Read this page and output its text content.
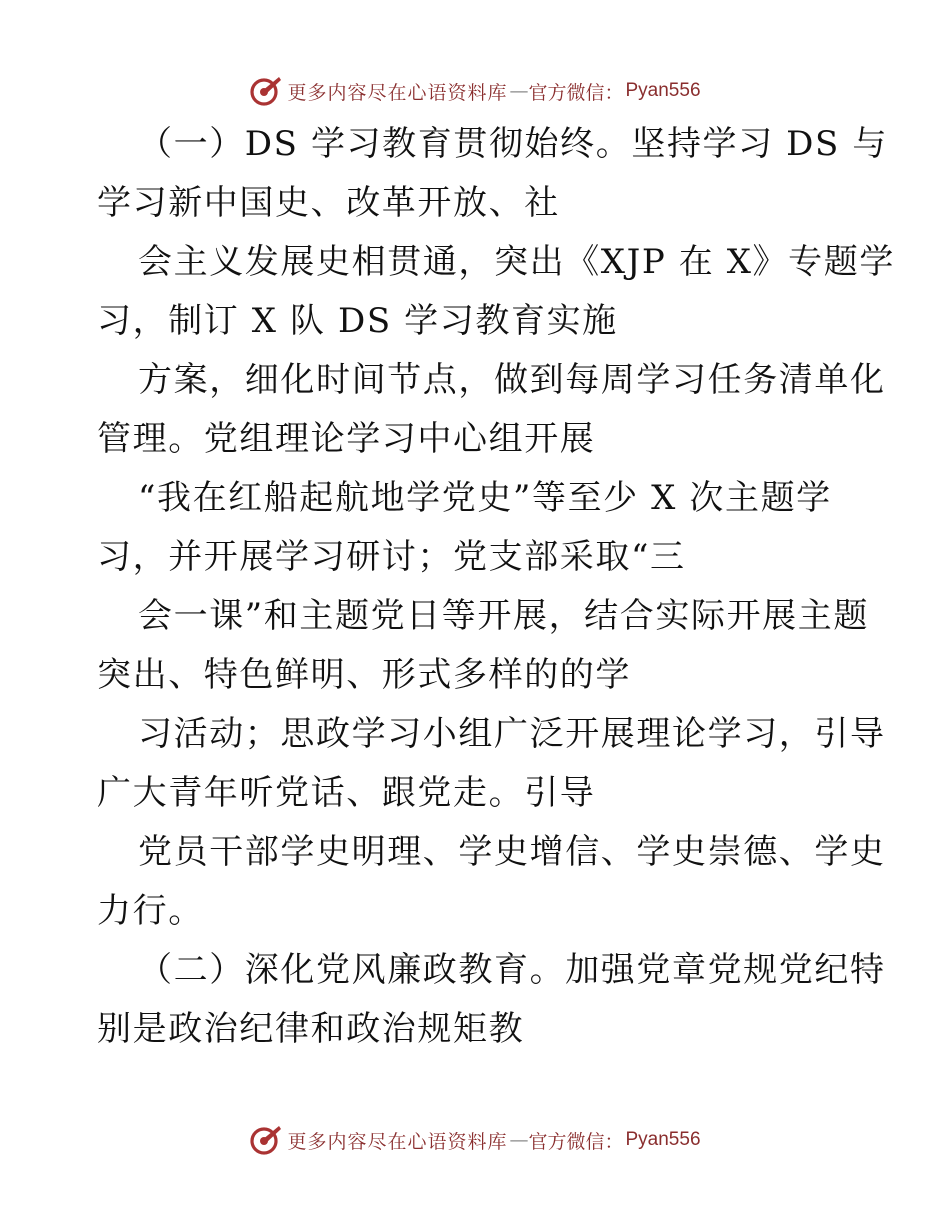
更多内容尽在心语资料库 — 官方微信： Pyan556
（一）DS 学习教育贯彻始终。坚持学习 DS 与
学习新中国史、改革开放、社
会主义发展史相贯通，突出《XJP 在 X》专题学
习，制订 X 队 DS 学习教育实施
方案，细化时间节点，做到每周学习任务清单化
管理。党组理论学习中心组开展
“我在红船起航地学党史”等至少 X 次主题学
习，并开展学习研讨；党支部采取“三
会一课”和主题党日等开展，结合实际开展主题
突出、特色鲜明、形式多样的的学
习活动；思政学习小组广泛开展理论学习，引导
广大青年听党话、跟党走。引导
党员干部学史明理、学史增信、学史崇德、学史
力行。
（二）深化党风廉政教育。加强党章党规党纪特
别是政治纪律和政治规矩教
更多内容尽在心语资料库 — 官方微信： Pyan556
